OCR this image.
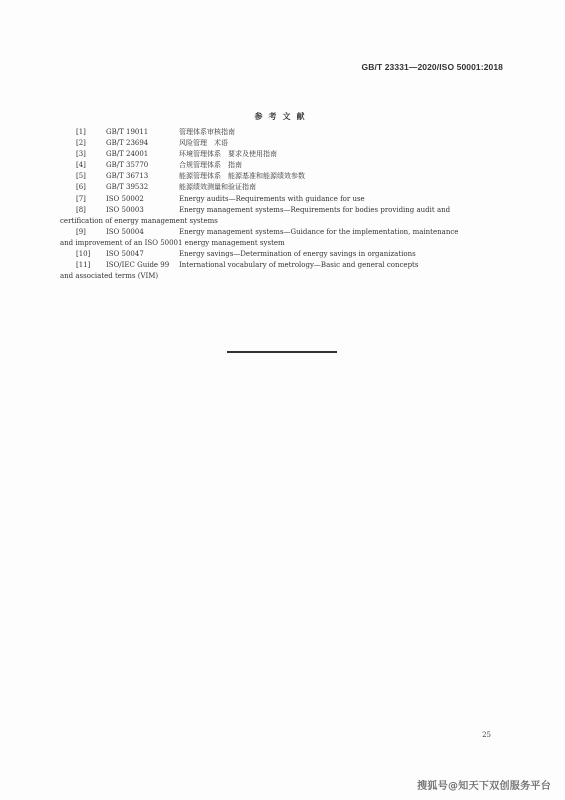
GB/T 23331—2020/ISO 50001:2018
参考文献
[1]	GB/T 19011 	管理体系审核指南
[2]	GB/T 23694 	风险管理　术语
[3]	GB/T 24001 	环境管理体系　要求及使用指南
[4]	GB/T 35770 	合规管理体系　指南
[5]	GB/T 36713 	能源管理体系　能源基准和能源绩效参数
[6]	GB/T 39532 	能源绩效测量和验证指南
[7]	ISO 50002 	Energy audits—Requirements with guidance for use
[8]	ISO 50003 	Energy management systems—Requirements for bodies providing audit and
certification of energy management systems
[9]	ISO 50004 	Energy management systems—Guidance for the implementation, maintenance
and improvement of an ISO 50001 energy management system
[10] ISO 50047 	Energy savings—Determination of energy savings in organizations
[11] ISO/IEC Guide 99  International vocabulary of metrology—Basic and general concepts
and associated terms (VIM)
25
搜狐号@知天下双创服务平台
